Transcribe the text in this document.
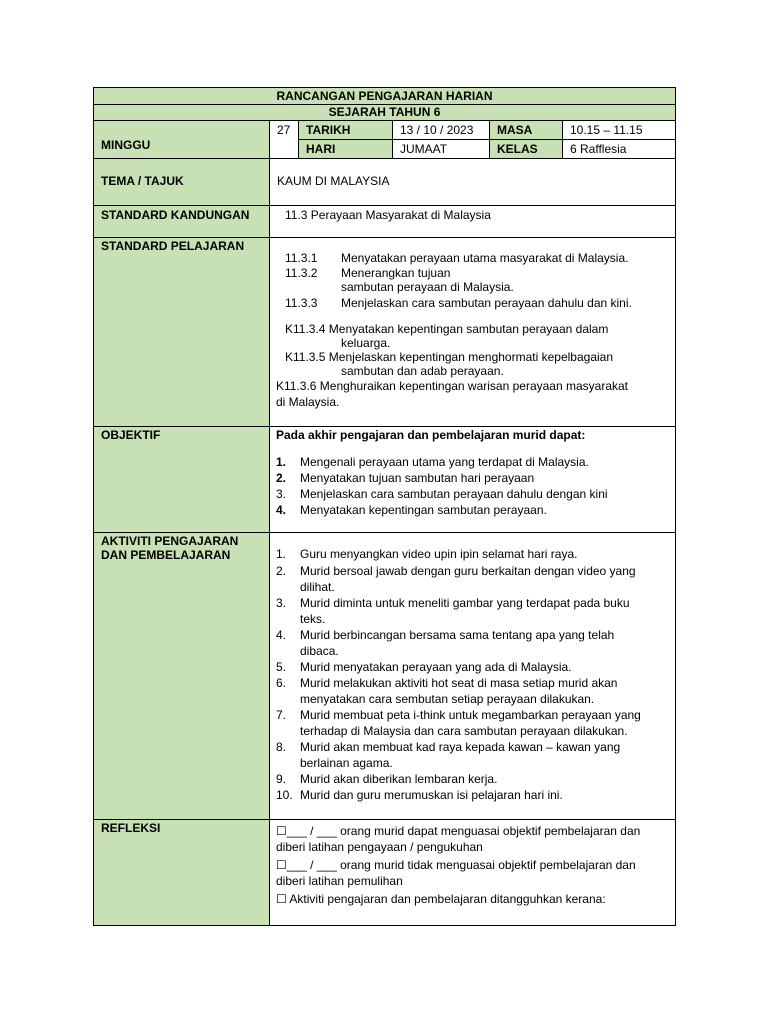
RANCANGAN PENGAJARAN HARIAN
SEJARAH TAHUN 6
MINGGU
27 TARIKH	13 / 10 / 2023 MASA	10.15 – 11.15
HARI	JUMAAT	KELAS	6 Rafflesia
TEMA / TAJUK	KAUM DI MALAYSIA
STANDARD KANDUNGAN	11.3 Perayaan Masyarakat di Malaysia
STANDARD PELAJARAN
11.3.1 Menyatakan perayaan utama masyarakat di Malaysia.
11.3.2 Menerangkan tujuan
sambutan perayaan di Malaysia.
11.3.3 Menjelaskan cara sambutan perayaan dahulu dan kini.
K11.3.4 Menyatakan kepentingan sambutan perayaan dalam
keluarga.
K11.3.5 Menjelaskan kepentingan menghormati kepelbagaian
sambutan dan adab perayaan.
K11.3.6 Menghuraikan kepentingan warisan perayaan masyarakat
di Malaysia.
OBJEKTIF	Pada akhir pengajaran dan pembelajaran murid dapat:
1. Mengenali perayaan utama yang terdapat di Malaysia.
2. Menyatakan tujuan sambutan hari perayaan
3. Menjelaskan cara sambutan perayaan dahulu dengan kini
4. Menyatakan kepentingan sambutan perayaan.
AKTIVITI PENGAJARAN
DAN PEMBELAJARAN	1. Guru menyangkan video upin ipin selamat hari raya.
2. Murid bersoal jawab dengan guru berkaitan dengan video yang
dilihat.
3. Murid diminta untuk meneliti gambar yang terdapat pada buku
teks.
4. Murid berbincangan bersama sama tentang apa yang telah
dibaca.
5. Murid menyatakan perayaan yang ada di Malaysia.
6. Murid melakukan aktiviti hot seat di masa setiap murid akan
menyatakan cara sembutan setiap perayaan dilakukan.
7. Murid membuat peta i-think untuk megambarkan perayaan yang
terhadap di Malaysia dan cara sambutan perayaan dilakukan.
8. Murid akan membuat kad raya kepada kawan – kawan yang
berlainan agama.
9. Murid akan diberikan lembaran kerja.
10. Murid dan guru merumuskan isi pelajaran hari ini.
REFLEKSI	☐___ / ___ orang murid dapat menguasai objektif pembelajaran dan
diberi latihan pengayaan / pengukuhan
☐___ / ___ orang murid tidak menguasai objektif pembelajaran dan
diberi latihan pemulihan
☐ Aktiviti pengajaran dan pembelajaran ditangguhkan kerana:
